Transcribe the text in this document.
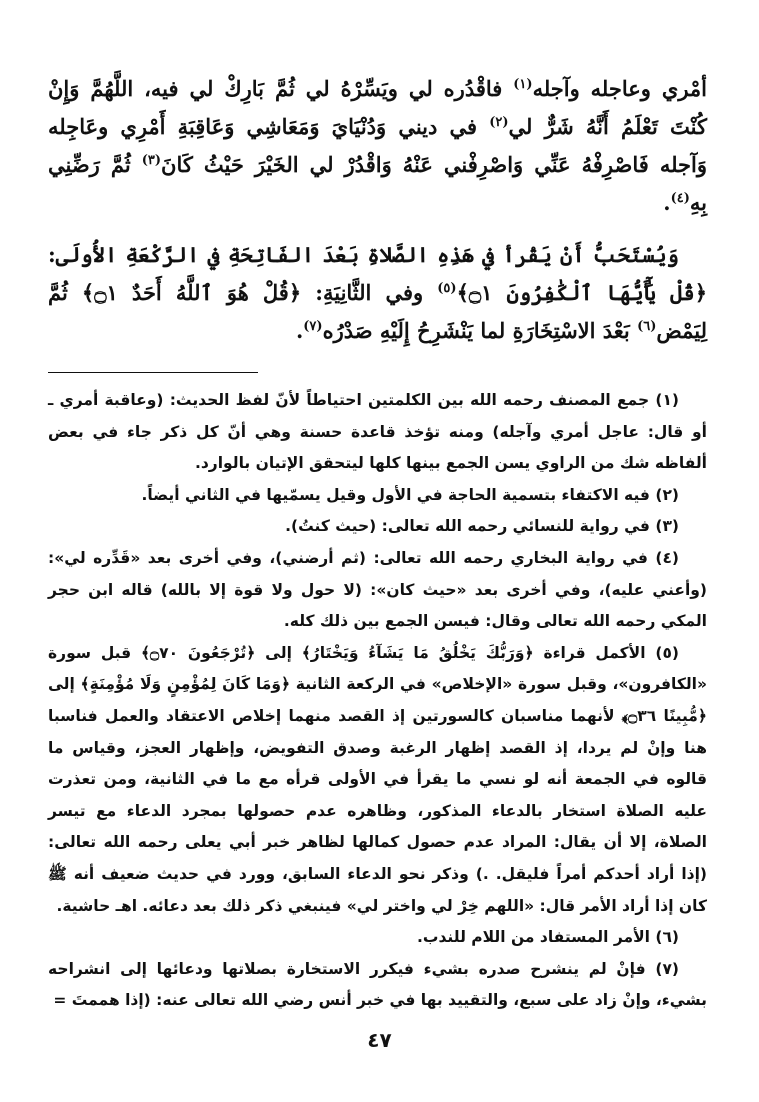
أمْري وعاجله وآجله$^{(١)}$ فاقْدُره لي ويَسِّرْهُ لي ثُمَّ بَارِكْ لي فيه، اللَّهُمَّ وَإِنْ كُنْتَ تَعْلَمُ أَنَّهُ شَرٌّ لي$^{(٢)}$ في ديني وَدُنْيَايَ وَمَعَاشِي وَعَاقِبَةِ أَمْرِي وعَاجِله وَآجله فَاصْرِفْهُ عَنِّي وَاصْرِفْني عَنْهُ وَاقْدُرْ لي الخَيْرَ حَيْثُ كَانَ$^{(٣)}$ ثُمَّ رَضِّنِي بِهِ$^{(٤)}$.

وَيُسْتَحَبُّ أَنْ يَقْرأ في هَذِهِ الصَّلاةِ بَعْدَ الفَاتِحَةِ في الرَّكْعَةِ الأُولَى: ﴿قُلْ يَٰٓأَيُّهَا ٱلْكَٰفِرُونَ ۝١﴾$^{(٥)}$ وفي الثَّانِيَةِ: ﴿قُلْ هُوَ ٱللَّهُ أَحَدٌ ۝١﴾ ثُمَّ لِيَمْض$^{(٦)}$ بَعْدَ الاسْتِخَارَةِ لما يَنْشَرِحُ إِلَيْهِ صَدْرُه$^{(٧)}$.

(١) جمع المصنف رحمه الله بين الكلمتين احتياطاً لأنّ لفظ الحديث: (وعاقبة أمري ـ أو قال: عاجل أمري وآجله) ومنه تؤخذ قاعدة حسنة وهي أنّ كل ذكر جاء في بعض ألفاظه شك من الراوي يسن الجمع بينها كلها ليتحقق الإتيان بالوارد.

(٢) فيه الاكتفاء بتسمية الحاجة في الأول وقيل يسمّيها في الثاني أيضاً.

(٣) في رواية للنسائي رحمه الله تعالى: (حيث كنتُ).

(٤) في رواية البخاري رحمه الله تعالى: (ثم أرضني)، وفي أخرى بعد «قَدِّره لي»: (وأعني عليه)، وفي أخرى بعد «حيث كان»: (لا حول ولا قوة إلا بالله) قاله ابن حجر المكي رحمه الله تعالى وقال: فيسن الجمع بين ذلك كله.

(٥) الأكمل قراءة ﴿وَرَبُّكَ يَخْلُقُ مَا يَشَآءُ وَيَخْتَارُ﴾ إلى ﴿تُرْجَعُونَ ۝٧٠﴾ قبل سورة «الكافرون»، وقبل سورة «الإخلاص» في الركعة الثانية ﴿وَمَا كَانَ لِمُؤْمِنٍ وَلَا مُؤْمِنَةٍ﴾ إلى ﴿مُّبِينًا ۝٣٦﴾ لأنهما مناسبان كالسورتين إذ القصد منهما إخلاص الاعتقاد والعمل فناسبا هنا وإنْ لم يردا، إذ القصد إظهار الرغبة وصدق التفويض، وإظهار العجز، وقياس ما قالوه في الجمعة أنه لو نسي ما يقرأ في الأولى قرأه مع ما في الثانية، ومن تعذرت عليه الصلاة استخار بالدعاء المذكور، وظاهره عدم حصولها بمجرد الدعاء مع تيسر الصلاة، إلا أن يقال: المراد عدم حصول كمالها لظاهر خبر أبي يعلى رحمه الله تعالى: (إذا أراد أحدكم أمراً فليقل. .) وذكر نحو الدعاء السابق، وورد في حديث ضعيف أنه ﷺ كان إذا أراد الأمر قال: «اللهم خِرْ لي واختر لي» فينبغي ذكر ذلك بعد دعائه. اهـ حاشية.

(٦) الأمر المستفاد من اللام للندب.

(٧) فإنْ لم ينشرح صدره بشيء فيكرر الاستخارة بصلاتها ودعائها إلى انشراحه بشيء، وإنْ زاد على سبع، والتقييد بها في خبر أنس رضي الله تعالى عنه: (إذا هممتَ =

٤٧
